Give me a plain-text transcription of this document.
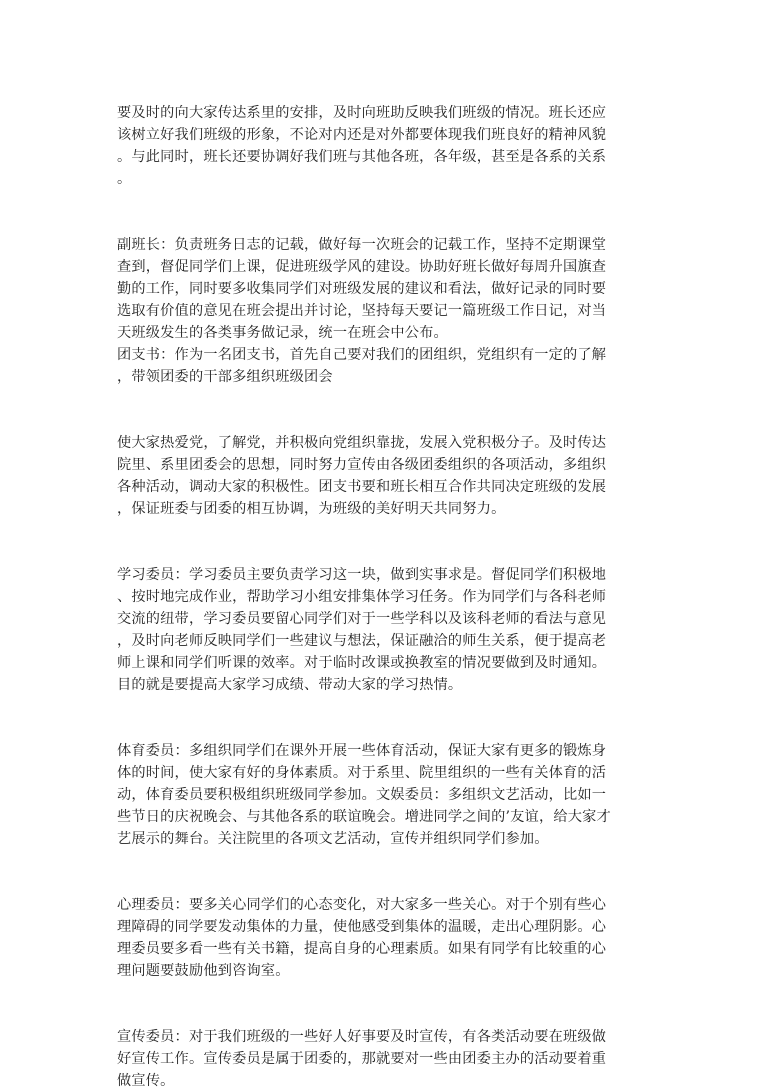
要及时的向大家传达系里的安排，及时向班助反映我们班级的情况。班长还应
该树立好我们班级的形象，不论对内还是对外都要体现我们班良好的精神风貌
。与此同时，班长还要协调好我们班与其他各班，各年级，甚至是各系的关系
。
副班长：负责班务日志的记载，做好每一次班会的记载工作，坚持不定期课堂
查到，督促同学们上课，促进班级学风的建设。协助好班长做好每周升国旗查
勤的工作，同时要多收集同学们对班级发展的建议和看法，做好记录的同时要
选取有价值的意见在班会提出并讨论，坚持每天要记一篇班级工作日记，对当
天班级发生的各类事务做记录，统一在班会中公布。
团支书：作为一名团支书，首先自己要对我们的团组织，党组织有一定的了解
，带领团委的干部多组织班级团会
使大家热爱党，了解党，并积极向党组织靠拢，发展入党积极分子。及时传达
院里、系里团委会的思想，同时努力宣传由各级团委组织的各项活动，多组织
各种活动，调动大家的积极性。团支书要和班长相互合作共同决定班级的发展
，保证班委与团委的相互协调，为班级的美好明天共同努力。
学习委员：学习委员主要负责学习这一块，做到实事求是。督促同学们积极地
、按时地完成作业，帮助学习小组安排集体学习任务。作为同学们与各科老师
交流的纽带，学习委员要留心同学们对于一些学科以及该科老师的看法与意见
，及时向老师反映同学们一些建议与想法，保证融洽的师生关系，便于提高老
师上课和同学们听课的效率。对于临时改课或换教室的情况要做到及时通知。
目的就是要提高大家学习成绩、带动大家的学习热情。
体育委员：多组织同学们在课外开展一些体育活动，保证大家有更多的锻炼身
体的时间，使大家有好的身体素质。对于系里、院里组织的一些有关体育的活
动，体育委员要积极组织班级同学参加。文娱委员：多组织文艺活动，比如一
些节日的庆祝晚会、与其他各系的联谊晚会。增进同学之间的’友谊，给大家才
艺展示的舞台。关注院里的各项文艺活动，宣传并组织同学们参加。
心理委员：要多关心同学们的心态变化，对大家多一些关心。对于个别有些心
理障碍的同学要发动集体的力量，使他感受到集体的温暖，走出心理阴影。心
理委员要多看一些有关书籍，提高自身的心理素质。如果有同学有比较重的心
理问题要鼓励他到咨询室。
宣传委员：对于我们班级的一些好人好事要及时宣传，有各类活动要在班级做
好宣传工作。宣传委员是属于团委的，那就要对一些由团委主办的活动要着重
做宣传。
